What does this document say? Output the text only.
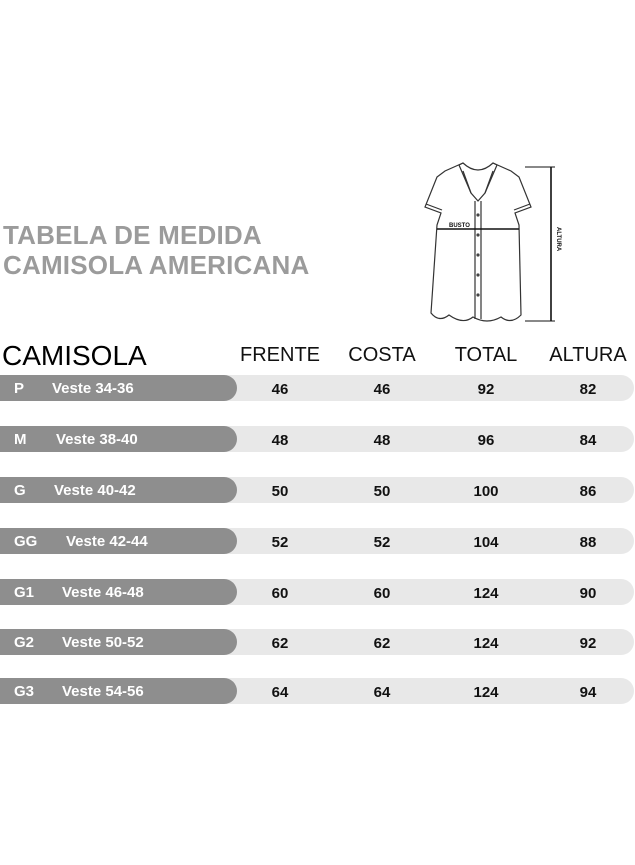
TABELA DE MEDIDA
CAMISOLA AMERICANA
BUSTO
ALTURA
CAMISOLA	FRENTE COSTA TOTAL ALTURA
P Veste 34-36	46	46	92	82
M Veste 38-40	48	48	96	84
G Veste 40-42	50	50	100	86
GG Veste 42-44	52	52	104	88
G1 Veste 46-48	60	60	124	90
G2 Veste 50-52	62	62	124	92
G3 Veste 54-56	64	64	124	94
